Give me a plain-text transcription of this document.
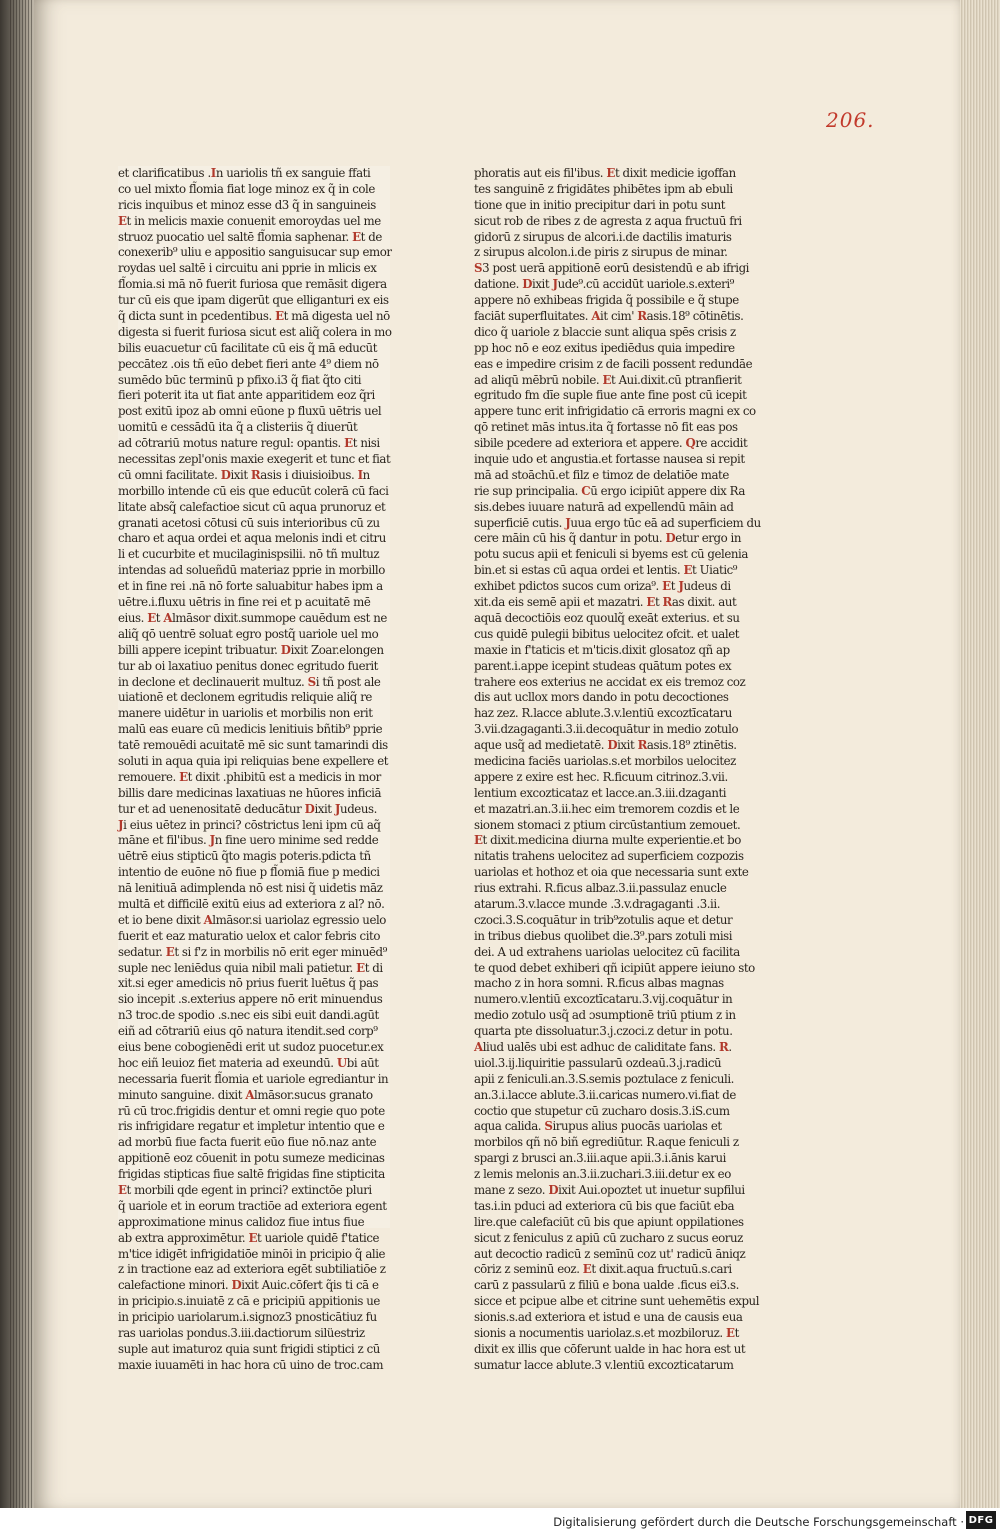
206.

et clarificatibus .In uariolis tñ ex sanguie ffati

co uel mixto fl̃omia fiat loge minoz ex q̃ in cole

ricis inquibus et minoz esse d3 q̃ in sanguineis

Et in melicis maxie conuenit emoroydas uel me

struoz puocatio uel saltē fl̃omia saphenar. Et de

conexerib⁹ uliu e appositio sanguisucar sup emor

roydas uel saltē i circuitu ani pprie in mlicis ex

fl̃omia.si mā nō fuerit furiosa que remāsit digera

tur cū eis que ipam digerūt que elliganturi ex eis

q̃ dicta sunt in pcedentibus. Et mā digesta uel nō

digesta si fuerit furiosa sicut est aliq̃ colera in mo

bilis euacuetur cū facilitate cū eis q̃ mā educūt

peccātez .ois tñ eūo debet fieri ante 4⁹ diem nō

sumēdo būc terminū p pfixo.i3 q̃ fiat q̃to citi

fieri poterit ita ut fiat ante apparitidem eoz q̃ri

post exitū ipoz ab omni eūone p fluxū uētris uel

uomitū e cessādū ita q̃ a clisteriis q̃ diuerūt

ad cōtrariū motus nature regul: opantis. Et nisi

necessitas zepl'onis maxie exegerit et tunc et fiat

cū omni facilitate. Dixit Rasis i diuisioibus. In

morbillo intende cū eis que educūt colerā cū faci

litate absq̃ calefactioe sicut cū aqua prunoruz et

granati acetosi cōtusi cū suis interioribus cū zu

charo et aqua ordei et aqua melonis indi et citru

li et cucurbite et mucilaginispsilii. nō tñ multuz

intendas ad solueñdū materiaz pprie in morbillo

et in fine rei .nā nō forte saluabitur habes ipm a

uētre.i.fluxu uētris in fine rei et p acuitatē mē

eius. Et Almāsor dixit.summope cauēdum est ne

aliq̃ qō uentrē soluat egro postq̃ uariole uel mo

billi appere icepint tribuatur. Dixit Zoar.elongen

tur ab oi laxatiuo penitus donec egritudo fuerit

in declone et declinauerit multuz. Si tñ post ale

uiationē et declonem egritudis reliquie aliq̃ re

manere uidētur in uariolis et morbilis non erit

malū eas euare cū medicis lenitiuis bñtib⁹ pprie

tatē remouēdi acuitatē mē sic sunt tamarindi dis

soluti in aqua quia ipi reliquias bene expellere et

remouere. Et dixit .phibitū est a medicis in mor

billis dare medicinas laxatiuas ne hūores inficiā

tur et ad uenenositatē deducātur Dixit Judeus.

Ji eius uētez in princi? cōstrictus leni ipm cū aq̃

māne et fil'ibus. Jn fine uero minime sed redde

uētrē eius stipticū q̃to magis poteris.pdicta tñ

intentio de euōne nō fiue p fl̃omiā fiue p medici

nā lenitiuā adimplenda nō est nisi q̃ uidetis māz

multā et difficilē exitū eius ad exteriora z al? nō.

et io bene dixit Almāsor.si uariolaz egressio uelo

fuerit et eaz maturatio uelox et calor febris cito

sedatur. Et si f'z in morbilis nō erit eger minuēd⁹

suple nec leniēdus quia nibil mali patietur. Et di

xit.si eger amedicis nō prius fuerit luētus q̃ pas

sio incepit .s.exterius appere nō erit minuendus

n3 troc.de spodio .s.nec eis sibi euit dandi.agūt

eiñ ad cōtrariū eius qō natura itendit.sed corp⁹

eius bene cobogienēdi erit ut sudoz puocetur.ex

hoc eiñ leuioz fiet materia ad exeundū. Ubi aūt

necessaria fuerit fl̃omia et uariole egrediantur in

minuto sanguine. dixit Almāsor.sucus granato

rū cū troc.frigidis dentur et omni regie quo pote

ris infrigidare regatur et impletur intentio que e

ad morbū fiue facta fuerit eūo fiue nō.naz ante

appitionē eoz cōuenit in potu sumeze medicinas

frigidas stipticas fiue saltē frigidas fine stipticita

Et morbili qde egent in princi? extinctōe pluri

q̃ uariole et in eorum tractiōe ad exteriora egent

approximatione minus calidoz fiue intus fiue

ab extra approximētur. Et uariole quidē f'tatice

m'tice idigēt infrigidatiōe minōi in pricipio q̃ alie

z in tractione eaz ad exteriora egēt subtiliatiōe z

calefactione minori. Dixit Auic.cōfert q̃is ti cā e

in pricipio.s.inuiatē z cā e pricipiū appitionis ue

in pricipio uariolarum.i.signoz3 pnosticātiuz fu

ras uariolas pondus.3.iii.dactiorum silüestriz

suple aut imaturoz quia sunt frigidi stiptici z cū

maxie iuuamēti in hac hora cū uino de troc.cam

phoratis aut eis fil'ibus. Et dixit medicie igoffan

tes sanguinē z frigidātes phibētes ipm ab ebuli

tione que in initio precipitur dari in potu sunt

sicut rob de ribes z de agresta z aqua fructuū fri

gidorū z sirupus de alcori.i.de dactilis imaturis

z sirupus alcolon.i.de piris z sirupus de minar.

S3 post uerā appitionē eorū desistendū e ab ifrigi

datione. Dixit Jude⁹.cū accidūt uariole.s.exteri⁹

appere nō exhibeas frigida q̃ possibile e q̃ stupe

faciāt superfluitates. Ait cim' Rasis.18⁹ cōtinētis.

dico q̃ uariole z blaccie sunt aliqua spēs crisis z

pp hoc nō e eoz exitus ipediēdus quia impedire

eas e impedire crisim z de facili possent redundāe

ad aliqū mēbrū nobile. Et Aui.dixit.cū ptranfierit

egritudo fm dīe suple fiue ante fine post cū icepit

appere tunc erit infrigidatio cā erroris magni ex co

qō retinet mās intus.ita q̃ fortasse nō fit eas pos

sibile pcedere ad exteriora et appere. Qre accidit

inquie udo et angustia.et fortasse nausea si repit

mā ad stoāchū.et filz e timoz de delatiōe mate

rie sup principalia. Cū ergo icipiūt appere dix Ra

sis.debes iuuare naturā ad expellendū māin ad

superficiē cutis. Juua ergo tūc eā ad superficiem du

cere māin cū his q̃ dantur in potu. Detur ergo in

potu sucus apii et feniculi si byems est cū gelenia

bin.et si estas cū aqua ordei et lentis. Et Uiatic⁹

exhibet pdictos sucos cum oriza⁹. Et Judeus di

xit.da eis semē apii et mazatri. Et Ras dixit. aut

aquā decoctiōis eoz quoulq̃ exeāt exterius. et su

cus quidē pulegii bibitus uelocitez ofcit. et ualet

maxie in f'taticis et m'ticis.dixit glosatoz qñ ap

parent.i.appe icepint studeas quātum potes ex

trahere eos exterius ne accidat ex eis tremoz coz

dis aut ucllox mors dando in potu decoctiones

haz zez. R.lacce ablute.3.v.lentiū excoztīcataru

3.vii.dzagaganti.3.ii.decoquātur in medio zotulo

aque usq̃ ad medietatē. Dixit Rasis.18⁹ ztinētis.

medicina faciēs uariolas.s.et morbilos uelocitez

appere z exire est hec. R.ficuum citrinoz.3.vii.

lentium excozticataz et lacce.an.3.iii.dzaganti

et mazatri.an.3.ii.hec eim tremorem cozdis et le

sionem stomaci z ptium circūstantium zemouet.

Et dixit.medicina diurna multe experientie.et bo

nitatis trahens uelocitez ad superficiem cozpozis

uariolas et hothoz et oia que necessaria sunt exte

rius extrahi. R.ficus albaz.3.ii.passulaz enucle

atarum.3.v.lacce munde .3.v.dragaganti .3.ii.

czoci.3.S.coquātur in trib⁹zotulis aque et detur

in tribus diebus quolibet die.3⁹.pars zotuli misi

dei. A ud extrahens uariolas uelocitez cū facilita

te quod debet exhiberi qñ icipiūt appere ieiuno sto

macho z in hora somni. R.ficus albas magnas

numero.v.lentiū excoztīcataru.3.vij.coquātur in

medio zotulo usq̃ ad ɔsumptionē triū ptium z in

quarta pte dissoluatur.3.j.czoci.z detur in potu.

Aliud ualēs ubi est adhuc de caliditate fans. R.

uiol.3.ij.liquiritie passularū ozdeaū.3.j.radicū

apii z feniculi.an.3.S.semis poztulace z feniculi.

an.3.i.lacce ablute.3.ii.caricas numero.vi.fiat de

coctio que stupetur cū zucharo dosis.3.iS.cum

aqua calida. Sirupus alius puocās uariolas et

morbilos qñ nō biñ egrediūtur. R.aque feniculi z

spargi z brusci an.3.iii.aque apii.3.i.ānis karui

z lemis melonis an.3.ii.zuchari.3.iii.detur ex eo

mane z sezo. Dixit Aui.opoztet ut inuetur supfilui

tas.i.in pduci ad exteriora cū bis que faciūt eba

lire.que calefaciūt cū bis que apiunt oppilationes

sicut z feniculus z apiū cū zucharo z sucus eoruz

aut decoctio radicū z semīnū coz ut' radicū āniqz

cōriz z seminū eoz. Et dixit.aqua fructuū.s.cari

carū z passularū z filiū e bona ualde .ficus ei3.s.

sicce et pcipue albe et citrine sunt uehemētis expul

sionis.s.ad exteriora et istud e una de causis eua

sionis a nocumentis uariolaz.s.et mozbiloruz. Et

dixit ex illis que cōferunt ualde in hac hora est ut

sumatur lacce ablute.3 v.lentiū excozticatarum

Digitalisierung gefördert durch die Deutsche Forschungsgemeinschaft · DFG
